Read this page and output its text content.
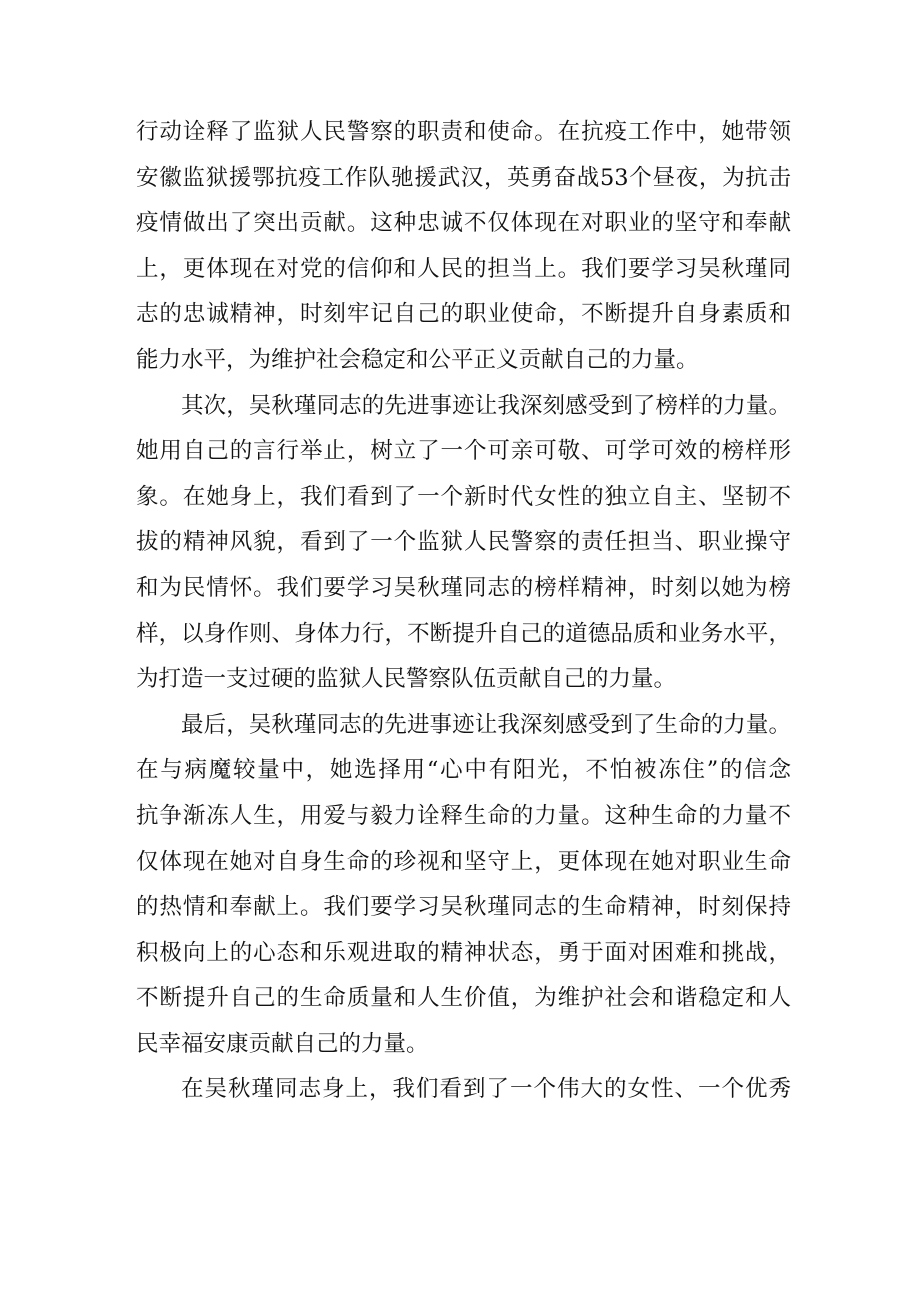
行动诠释了监狱人民警察的职责和使命。在抗疫工作中，她带领
安徽监狱援鄂抗疫工作队驰援武汉，英勇奋战53个昼夜，为抗击
疫情做出了突出贡献。这种忠诚不仅体现在对职业的坚守和奉献
上，更体现在对党的信仰和人民的担当上。我们要学习吴秋瑾同
志的忠诚精神，时刻牢记自己的职业使命，不断提升自身素质和
能力水平，为维护社会稳定和公平正义贡献自己的力量。
其次，吴秋瑾同志的先进事迹让我深刻感受到了榜样的力量。
她用自己的言行举止，树立了一个可亲可敬、可学可效的榜样形
象。在她身上，我们看到了一个新时代女性的独立自主、坚韧不
拔的精神风貌，看到了一个监狱人民警察的责任担当、职业操守
和为民情怀。我们要学习吴秋瑾同志的榜样精神，时刻以她为榜
样，以身作则、身体力行，不断提升自己的道德品质和业务水平，
为打造一支过硬的监狱人民警察队伍贡献自己的力量。
最后，吴秋瑾同志的先进事迹让我深刻感受到了生命的力量。
在与病魔较量中，她选择用“心中有阳光，不怕被冻住”的信念
抗争渐冻人生，用爱与毅力诠释生命的力量。这种生命的力量不
仅体现在她对自身生命的珍视和坚守上，更体现在她对职业生命
的热情和奉献上。我们要学习吴秋瑾同志的生命精神，时刻保持
积极向上的心态和乐观进取的精神状态，勇于面对困难和挑战，
不断提升自己的生命质量和人生价值，为维护社会和谐稳定和人
民幸福安康贡献自己的力量。
在吴秋瑾同志身上，我们看到了一个伟大的女性、一个优秀
